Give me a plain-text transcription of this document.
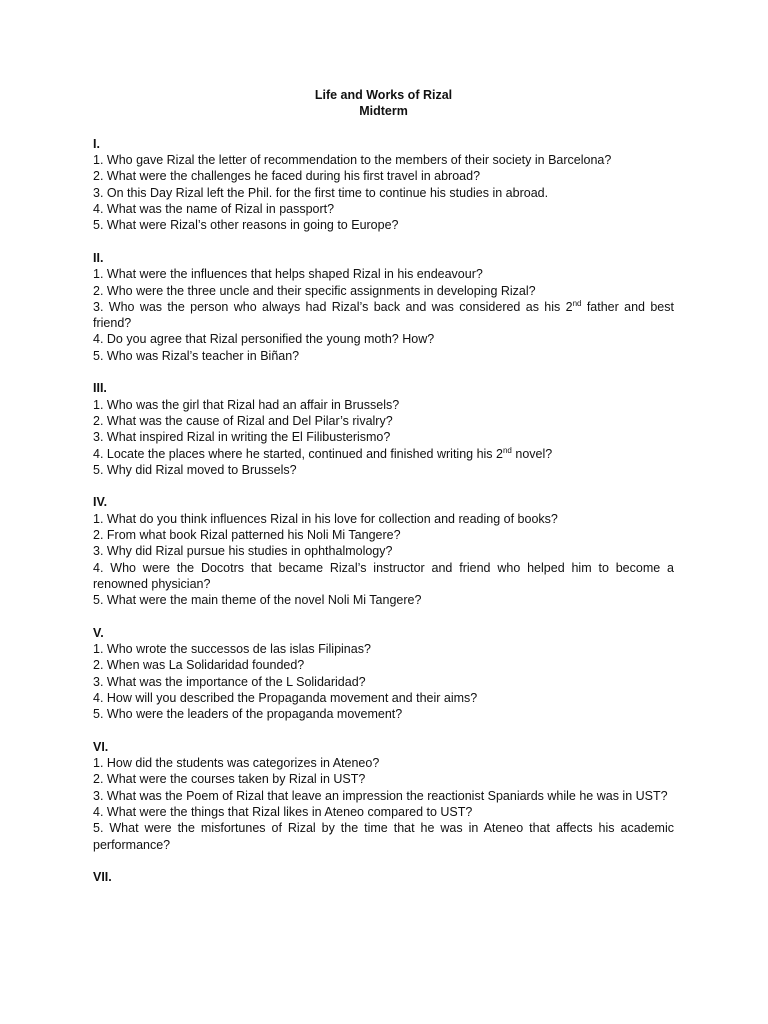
Life and Works of Rizal

Midterm

I.

1. Who gave Rizal the letter of recommendation to the members of their society in Barcelona?

2. What were the challenges he faced during his first travel in abroad?

3. On this Day Rizal left the Phil. for the first time to continue his studies in abroad.

4. What was the name of Rizal in passport?

5. What were Rizal’s other reasons in going to Europe?

II.

1. What were the influences that helps shaped Rizal in his endeavour?

2. Who were the three uncle and their specific assignments in developing Rizal?

3. Who was the person who always had Rizal’s back and was considered as his 2nd father and best friend?

4. Do you agree that Rizal personified the young moth? How?

5. Who was Rizal’s teacher in Biñan?

III.

1. Who was the girl that Rizal had an affair in Brussels?

2. What was the cause of Rizal and Del Pilar’s rivalry?

3. What inspired Rizal in writing the El Filibusterismo?

4. Locate the places where he started, continued and finished writing his 2nd novel?

5. Why did Rizal moved to Brussels?

IV.

1. What do you think influences Rizal in his love for collection and reading of books?

2. From what book Rizal patterned his Noli Mi Tangere?

3. Why did Rizal pursue his studies in ophthalmology?

4. Who were the Docotrs that became Rizal’s instructor and friend who helped him to become a renowned physician?

5. What were the main theme of the novel Noli Mi Tangere?

V.

1. Who wrote the successos de las islas Filipinas?

2. When was La Solidaridad founded?

3. What was the importance of the L Solidaridad?

4. How will you described the Propaganda movement and their aims?

5. Who were the leaders of the propaganda movement?

VI.

1. How did the students was categorizes in Ateneo?

2. What were the courses taken by Rizal in UST?

3. What was the Poem of Rizal that leave an impression the reactionist Spaniards while he was in UST?

4. What were the things that Rizal likes in Ateneo compared to UST?

5. What were the misfortunes of Rizal by the time that he was in Ateneo that affects his academic performance?

VII.
